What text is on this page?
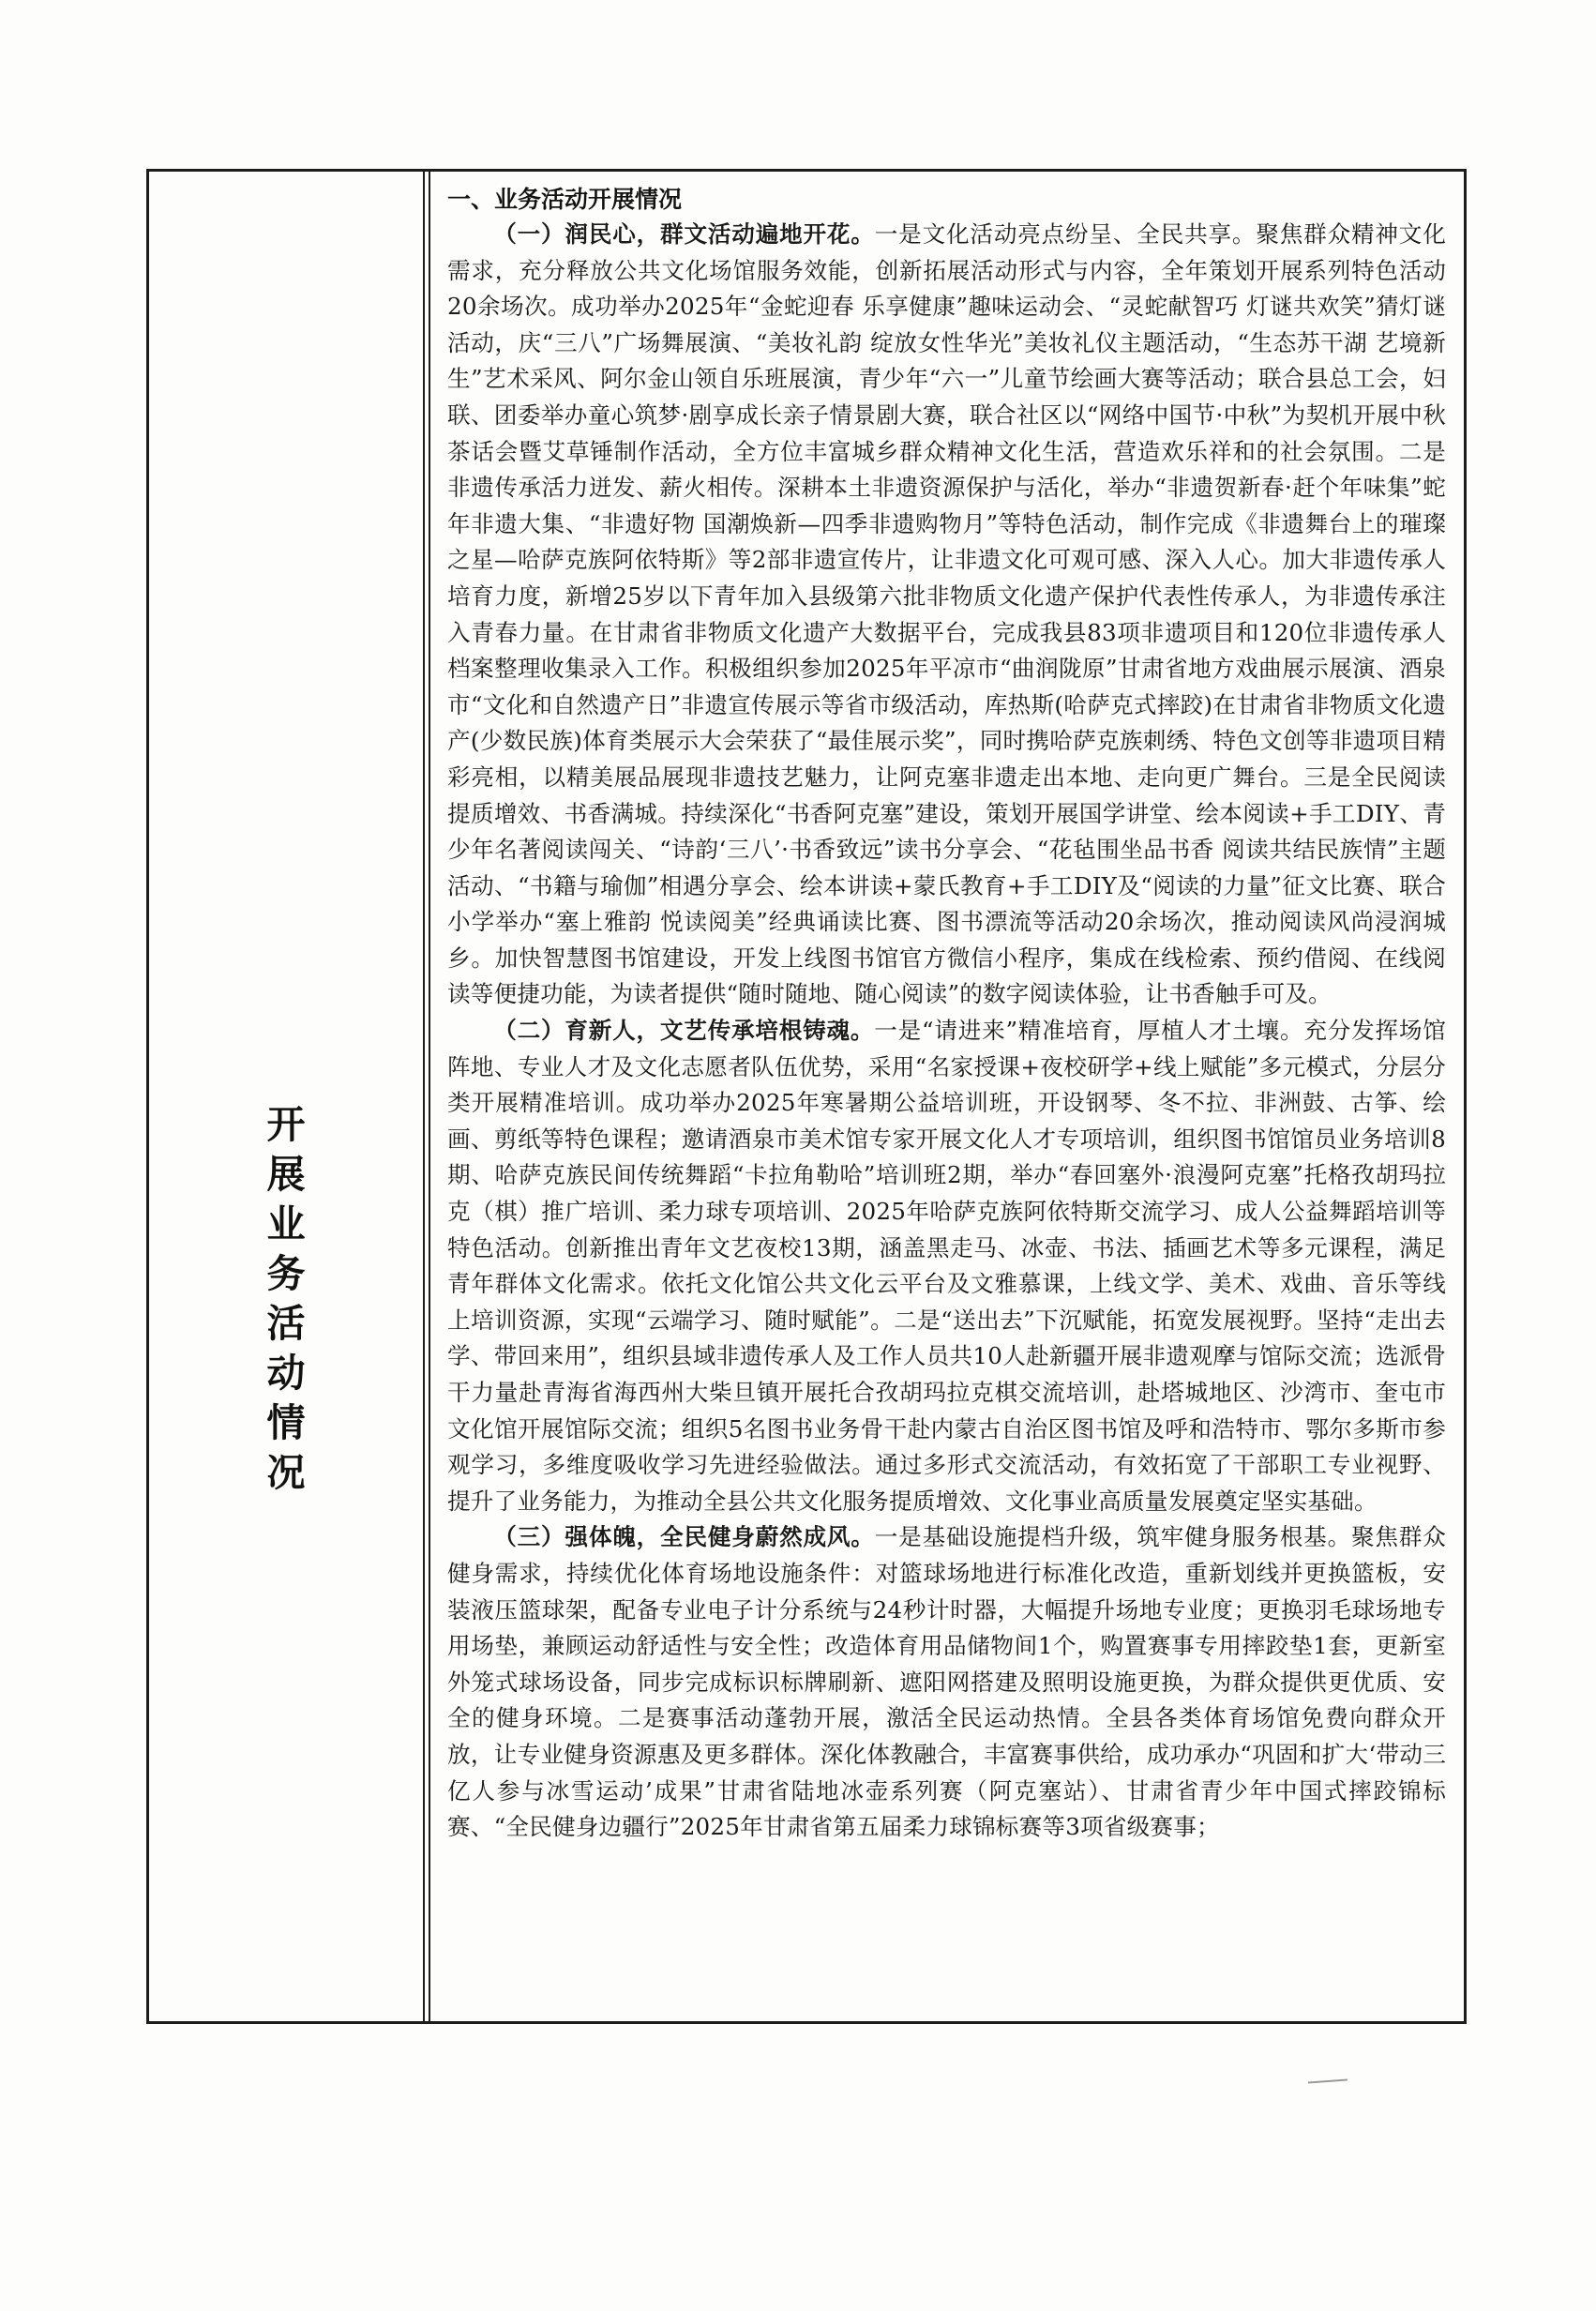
开
展
业
务
活
动
情
况

一、业务活动开展情况

（一）润民心，群文活动遍地开花。一是文化活动亮点纷呈、全民共享。聚焦群众精神文化需求，充分释放公共文化场馆服务效能，创新拓展活动形式与内容，全年策划开展系列特色活动20余场次。成功举办2025年“金蛇迎春 乐享健康”趣味运动会、“灵蛇献智巧 灯谜共欢笑”猜灯谜活动，庆“三八”广场舞展演、“美妆礼韵 绽放女性华光”美妆礼仪主题活动，“生态苏干湖 艺境新生”艺术采风、阿尔金山领自乐班展演，青少年“六一”儿童节绘画大赛等活动；联合县总工会，妇联、团委举办童心筑梦·剧享成长亲子情景剧大赛，联合社区以“网络中国节·中秋”为契机开展中秋茶话会暨艾草锤制作活动，全方位丰富城乡群众精神文化生活，营造欢乐祥和的社会氛围。二是非遗传承活力迸发、薪火相传。深耕本土非遗资源保护与活化，举办“非遗贺新春·赶个年味集”蛇年非遗大集、“非遗好物 国潮焕新—四季非遗购物月”等特色活动，制作完成《非遗舞台上的璀璨之星—哈萨克族阿依特斯》等2部非遗宣传片，让非遗文化可观可感、深入人心。加大非遗传承人培育力度，新增25岁以下青年加入县级第六批非物质文化遗产保护代表性传承人，为非遗传承注入青春力量。在甘肃省非物质文化遗产大数据平台，完成我县83项非遗项目和120位非遗传承人档案整理收集录入工作。积极组织参加2025年平凉市“曲润陇原”甘肃省地方戏曲展示展演、酒泉市“文化和自然遗产日”非遗宣传展示等省市级活动，库热斯(哈萨克式摔跤)在甘肃省非物质文化遗产(少数民族)体育类展示大会荣获了“最佳展示奖”，同时携哈萨克族刺绣、特色文创等非遗项目精彩亮相，以精美展品展现非遗技艺魅力，让阿克塞非遗走出本地、走向更广舞台。三是全民阅读提质增效、书香满城。持续深化“书香阿克塞”建设，策划开展国学讲堂、绘本阅读+手工DIY、青少年名著阅读闯关、“诗韵‘三八’·书香致远”读书分享会、“花毡围坐品书香 阅读共结民族情”主题活动、“书籍与瑜伽”相遇分享会、绘本讲读+蒙氏教育+手工DIY及“阅读的力量”征文比赛、联合小学举办“塞上雅韵 悦读阅美”经典诵读比赛、图书漂流等活动20余场次，推动阅读风尚浸润城乡。加快智慧图书馆建设，开发上线图书馆官方微信小程序，集成在线检索、预约借阅、在线阅读等便捷功能，为读者提供“随时随地、随心阅读”的数字阅读体验，让书香触手可及。

（二）育新人，文艺传承培根铸魂。一是“请进来”精准培育，厚植人才土壤。充分发挥场馆阵地、专业人才及文化志愿者队伍优势，采用“名家授课+夜校研学+线上赋能”多元模式，分层分类开展精准培训。成功举办2025年寒暑期公益培训班，开设钢琴、冬不拉、非洲鼓、古筝、绘画、剪纸等特色课程；邀请酒泉市美术馆专家开展文化人才专项培训，组织图书馆馆员业务培训8期、哈萨克族民间传统舞蹈“卡拉角勒哈”培训班2期，举办“春回塞外·浪漫阿克塞”托格孜胡玛拉克（棋）推广培训、柔力球专项培训、2025年哈萨克族阿依特斯交流学习、成人公益舞蹈培训等特色活动。创新推出青年文艺夜校13期，涵盖黑走马、冰壶、书法、插画艺术等多元课程，满足青年群体文化需求。依托文化馆公共文化云平台及文雅慕课，上线文学、美术、戏曲、音乐等线上培训资源，实现“云端学习、随时赋能”。二是“送出去”下沉赋能，拓宽发展视野。坚持“走出去学、带回来用”，组织县域非遗传承人及工作人员共10人赴新疆开展非遗观摩与馆际交流；选派骨干力量赴青海省海西州大柴旦镇开展托合孜胡玛拉克棋交流培训，赴塔城地区、沙湾市、奎屯市文化馆开展馆际交流；组织5名图书业务骨干赴内蒙古自治区图书馆及呼和浩特市、鄂尔多斯市参观学习，多维度吸收学习先进经验做法。通过多形式交流活动，有效拓宽了干部职工专业视野、提升了业务能力，为推动全县公共文化服务提质增效、文化事业高质量发展奠定坚实基础。

（三）强体魄，全民健身蔚然成风。一是基础设施提档升级，筑牢健身服务根基。聚焦群众健身需求，持续优化体育场地设施条件：对篮球场地进行标准化改造，重新划线并更换篮板，安装液压篮球架，配备专业电子计分系统与24秒计时器，大幅提升场地专业度；更换羽毛球场地专用场垫，兼顾运动舒适性与安全性；改造体育用品储物间1个，购置赛事专用摔跤垫1套，更新室外笼式球场设备，同步完成标识标牌刷新、遮阳网搭建及照明设施更换，为群众提供更优质、安全的健身环境。二是赛事活动蓬勃开展，激活全民运动热情。全县各类体育场馆免费向群众开放，让专业健身资源惠及更多群体。深化体教融合，丰富赛事供给，成功承办“巩固和扩大‘带动三亿人参与冰雪运动’成果”甘肃省陆地冰壶系列赛（阿克塞站）、甘肃省青少年中国式摔跤锦标赛、“全民健身边疆行”2025年甘肃省第五届柔力球锦标赛等3项省级赛事；
